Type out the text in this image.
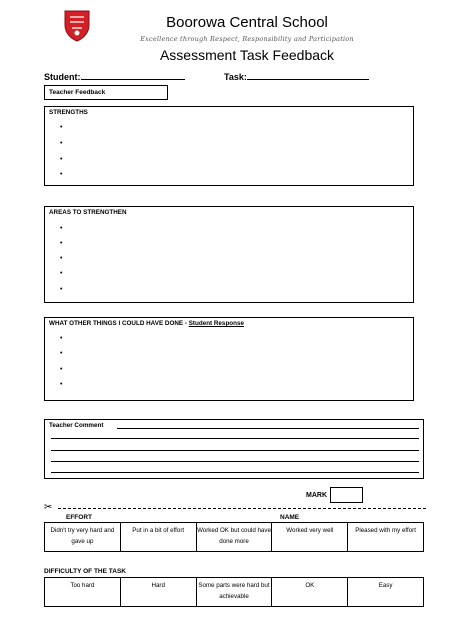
Boorowa Central School
Excellence through Respect, Responsibility and Participation
Assessment Task Feedback
Student:	Task:
Teacher Feedback
STRENGTHS
•
•
•
•
AREAS TO STRENGTHEN
•
•
•
•
•
WHAT OTHER THINGS I COULD HAVE DONE - Student Response
•
•
•
•
Teacher Comment
MARK
✂
EFFORT	NAME
Didn't try very hard and gave up	Put in a bit of effort	Worked OK but could have done more	Worked very well	Pleased with my effort
DIFFICULTY OF THE TASK
Too hard	Hard	Some parts were hard but achievable	OK	Easy
